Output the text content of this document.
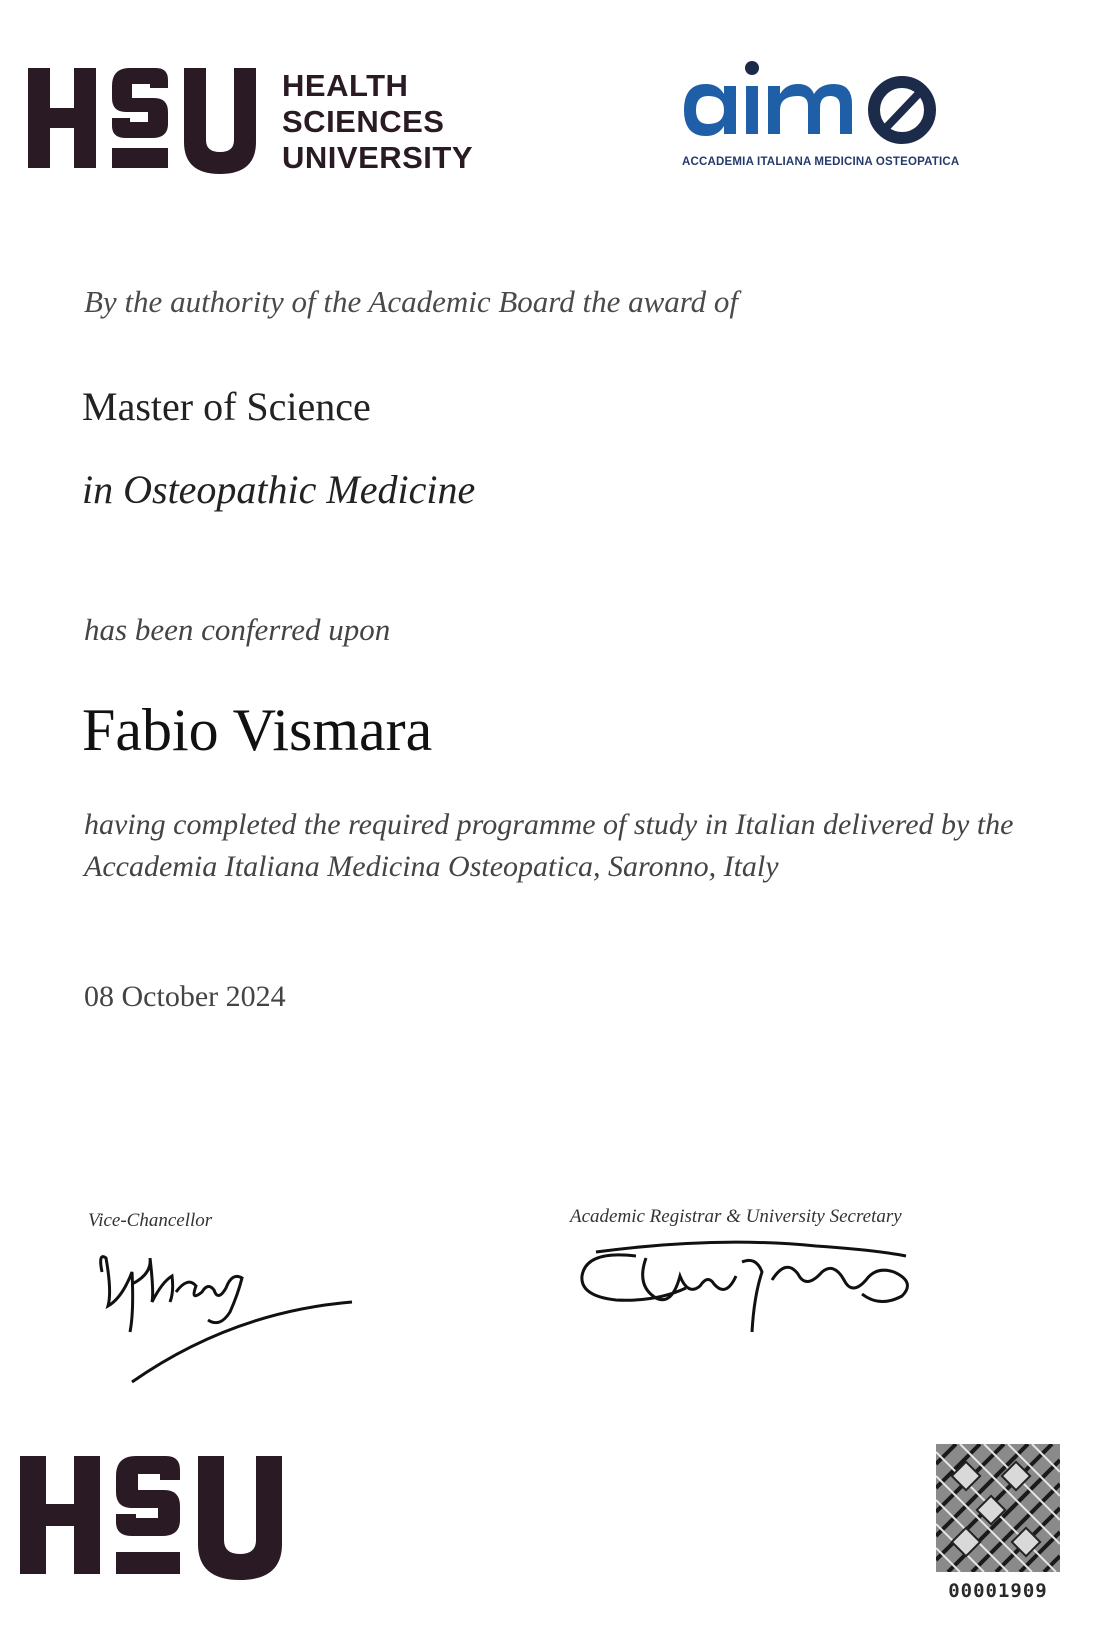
HEALTH
SCIENCES
UNIVERSITY	ACCADEMIA ITALIANA MEDICINA OSTEOPATICA
By the authority of the Academic Board the award of
Master of Science
in Osteopathic Medicine
has been conferred upon
Fabio Vismara
having completed the required programme of study in Italian delivered by the Accademia Italiana Medicina Osteopatica, Saronno, Italy
08 October 2024
Vice-Chancellor	Academic Registrar & University Secretary
00001909
